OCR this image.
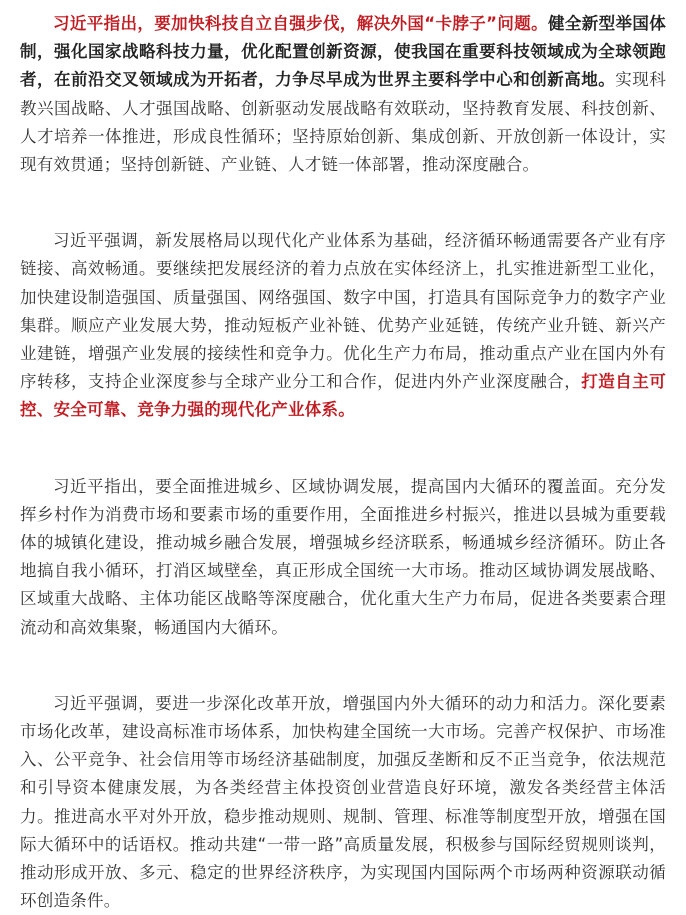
习近平指出，要加快科技自立自强步伐，解决外国“卡脖子”问题。健全新型举国体制，强化国家战略科技力量，优化配置创新资源，使我国在重要科技领域成为全球领跑者，在前沿交叉领域成为开拓者，力争尽早成为世界主要科学中心和创新高地。实现科教兴国战略、人才强国战略、创新驱动发展战略有效联动，坚持教育发展、科技创新、人才培养一体推进，形成良性循环；坚持原始创新、集成创新、开放创新一体设计，实现有效贯通；坚持创新链、产业链、人才链一体部署，推动深度融合。

习近平强调，新发展格局以现代化产业体系为基础，经济循环畅通需要各产业有序链接、高效畅通。要继续把发展经济的着力点放在实体经济上，扎实推进新型工业化，加快建设制造强国、质量强国、网络强国、数字中国，打造具有国际竞争力的数字产业集群。顺应产业发展大势，推动短板产业补链、优势产业延链，传统产业升链、新兴产业建链，增强产业发展的接续性和竞争力。优化生产力布局，推动重点产业在国内外有序转移，支持企业深度参与全球产业分工和合作，促进内外产业深度融合，打造自主可控、安全可靠、竞争力强的现代化产业体系。

习近平指出，要全面推进城乡、区域协调发展，提高国内大循环的覆盖面。充分发挥乡村作为消费市场和要素市场的重要作用，全面推进乡村振兴，推进以县城为重要载体的城镇化建设，推动城乡融合发展，增强城乡经济联系，畅通城乡经济循环。防止各地搞自我小循环，打消区域壁垒，真正形成全国统一大市场。推动区域协调发展战略、区域重大战略、主体功能区战略等深度融合，优化重大生产力布局，促进各类要素合理流动和高效集聚，畅通国内大循环。

习近平强调，要进一步深化改革开放，增强国内外大循环的动力和活力。深化要素市场化改革，建设高标准市场体系，加快构建全国统一大市场。完善产权保护、市场准入、公平竞争、社会信用等市场经济基础制度，加强反垄断和反不正当竞争，依法规范和引导资本健康发展，为各类经营主体投资创业营造良好环境，激发各类经营主体活力。推进高水平对外开放，稳步推动规则、规制、管理、标准等制度型开放，增强在国际大循环中的话语权。推动共建“一带一路”高质量发展，积极参与国际经贸规则谈判，推动形成开放、多元、稳定的世界经济秩序，为实现国内国际两个市场两种资源联动循环创造条件。
